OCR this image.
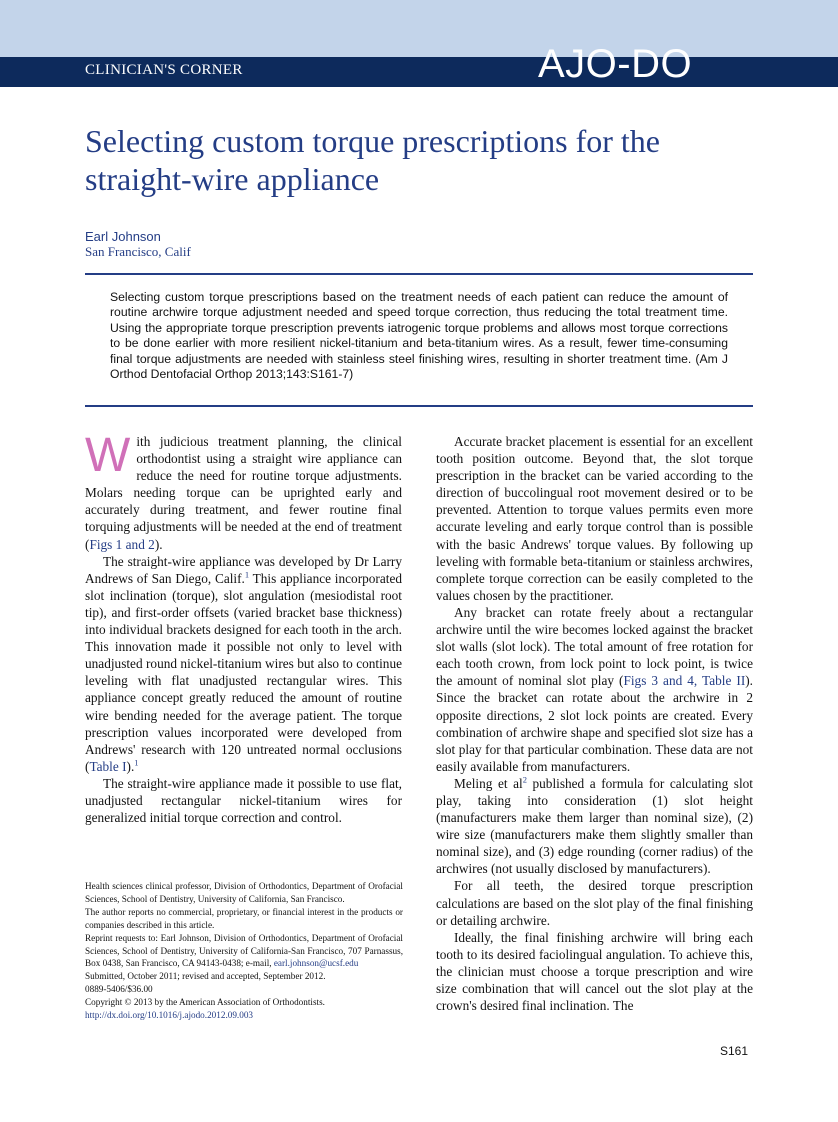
CLINICIAN'S CORNER	AJO-DO
Selecting custom torque prescriptions for the straight-wire appliance
Earl Johnson
San Francisco, Calif
Selecting custom torque prescriptions based on the treatment needs of each patient can reduce the amount of routine archwire torque adjustment needed and speed torque correction, thus reducing the total treatment time. Using the appropriate torque prescription prevents iatrogenic torque problems and allows most torque corrections to be done earlier with more resilient nickel-titanium and beta-titanium wires. As a result, fewer time-consuming final torque adjustments are needed with stainless steel finishing wires, resulting in shorter treatment time. (Am J Orthod Dentofacial Orthop 2013;143:S161-7)

With judicious treatment planning, the clinical orthodontist using a straight wire appliance can reduce the need for routine torque adjustments. Molars needing torque can be uprighted early and accurately during treatment, and fewer routine final torquing adjustments will be needed at the end of treatment (Figs 1 and 2).

The straight-wire appliance was developed by Dr Larry Andrews of San Diego, Calif.$^1$ This appliance incorporated slot inclination (torque), slot angulation (mesiodistal root tip), and first-order offsets (varied bracket base thickness) into individual brackets designed for each tooth in the arch. This innovation made it possible not only to level with unadjusted round nickel-titanium wires but also to continue leveling with flat unadjusted rectangular wires. This appliance concept greatly reduced the amount of routine wire bending needed for the average patient. The torque prescription values incorporated were developed from Andrews' research with 120 untreated normal occlusions (Table I).$^1$

The straight-wire appliance made it possible to use flat, unadjusted rectangular nickel-titanium wires for generalized initial torque correction and control.

Health sciences clinical professor, Division of Orthodontics, Department of Orofacial Sciences, School of Dentistry, University of California, San Francisco.

The author reports no commercial, proprietary, or financial interest in the products or companies described in this article.

Reprint requests to: Earl Johnson, Division of Orthodontics, Department of Orofacial Sciences, School of Dentistry, University of California-San Francisco, 707 Parnassus, Box 0438, San Francisco, CA 94143-0438; e-mail, earl.johnson@ucsf.edu

Submitted, October 2011; revised and accepted, September 2012.

0889-5406/$36.00

Copyright © 2013 by the American Association of Orthodontists.

http://dx.doi.org/10.1016/j.ajodo.2012.09.003

Accurate bracket placement is essential for an excellent tooth position outcome. Beyond that, the slot torque prescription in the bracket can be varied according to the direction of buccolingual root movement desired or to be prevented. Attention to torque values permits even more accurate leveling and early torque control than is possible with the basic Andrews' torque values. By following up leveling with formable beta-titanium or stainless archwires, complete torque correction can be easily completed to the values chosen by the practitioner.

Any bracket can rotate freely about a rectangular archwire until the wire becomes locked against the bracket slot walls (slot lock). The total amount of free rotation for each tooth crown, from lock point to lock point, is twice the amount of nominal slot play (Figs 3 and 4, Table II). Since the bracket can rotate about the archwire in 2 opposite directions, 2 slot lock points are created. Every combination of archwire shape and specified slot size has a slot play for that particular combination. These data are not easily available from manufacturers.

Meling et al$^2$ published a formula for calculating slot play, taking into consideration (1) slot height (manufacturers make them larger than nominal size), (2) wire size (manufacturers make them slightly smaller than nominal size), and (3) edge rounding (corner radius) of the archwires (not usually disclosed by manufacturers).

For all teeth, the desired torque prescription calculations are based on the slot play of the final finishing or detailing archwire.

Ideally, the final finishing archwire will bring each tooth to its desired faciolingual angulation. To achieve this, the clinician must choose a torque prescription and wire size combination that will cancel out the slot play at the crown's desired final inclination. The

S161
